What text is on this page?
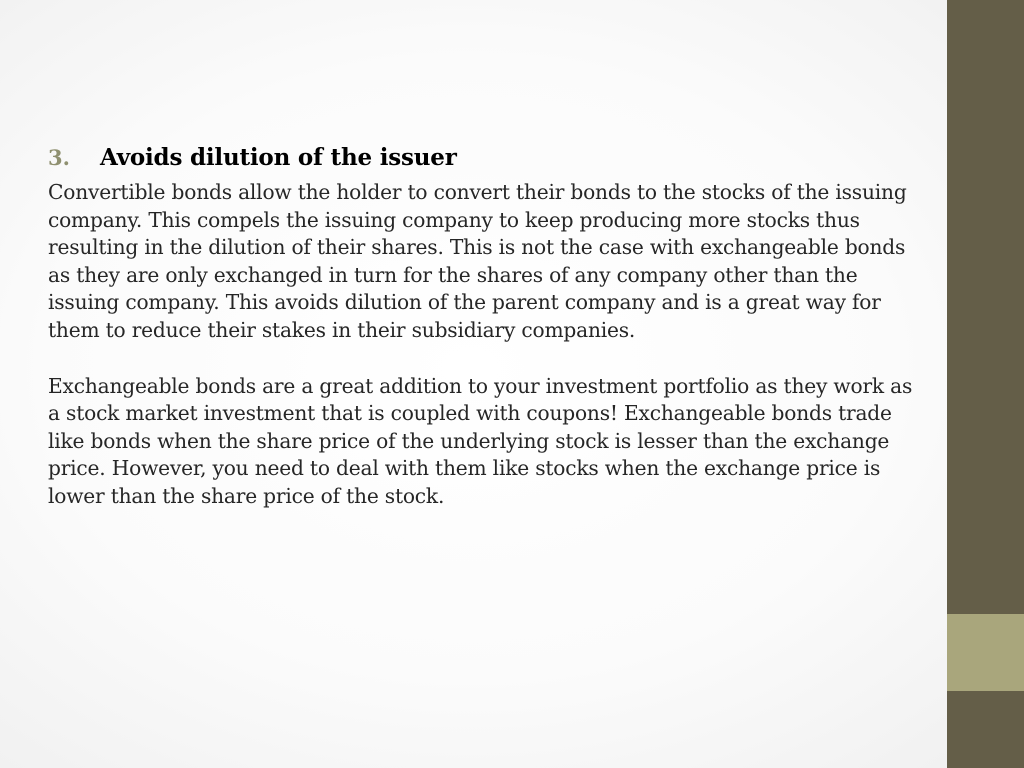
3.	Avoids dilution of the issuer

Convertible bonds allow the holder to convert their bonds to the stocks of the issuing company. This compels the issuing company to keep producing more stocks thus resulting in the dilution of their shares. This is not the case with exchangeable bonds as they are only exchanged in turn for the shares of any company other than the issuing company. This avoids dilution of the parent company and is a great way for them to reduce their stakes in their subsidiary companies.

Exchangeable bonds are a great addition to your investment portfolio as they work as a stock market investment that is coupled with coupons! Exchangeable bonds trade like bonds when the share price of the underlying stock is lesser than the exchange price. However, you need to deal with them like stocks when the exchange price is lower than the share price of the stock.
